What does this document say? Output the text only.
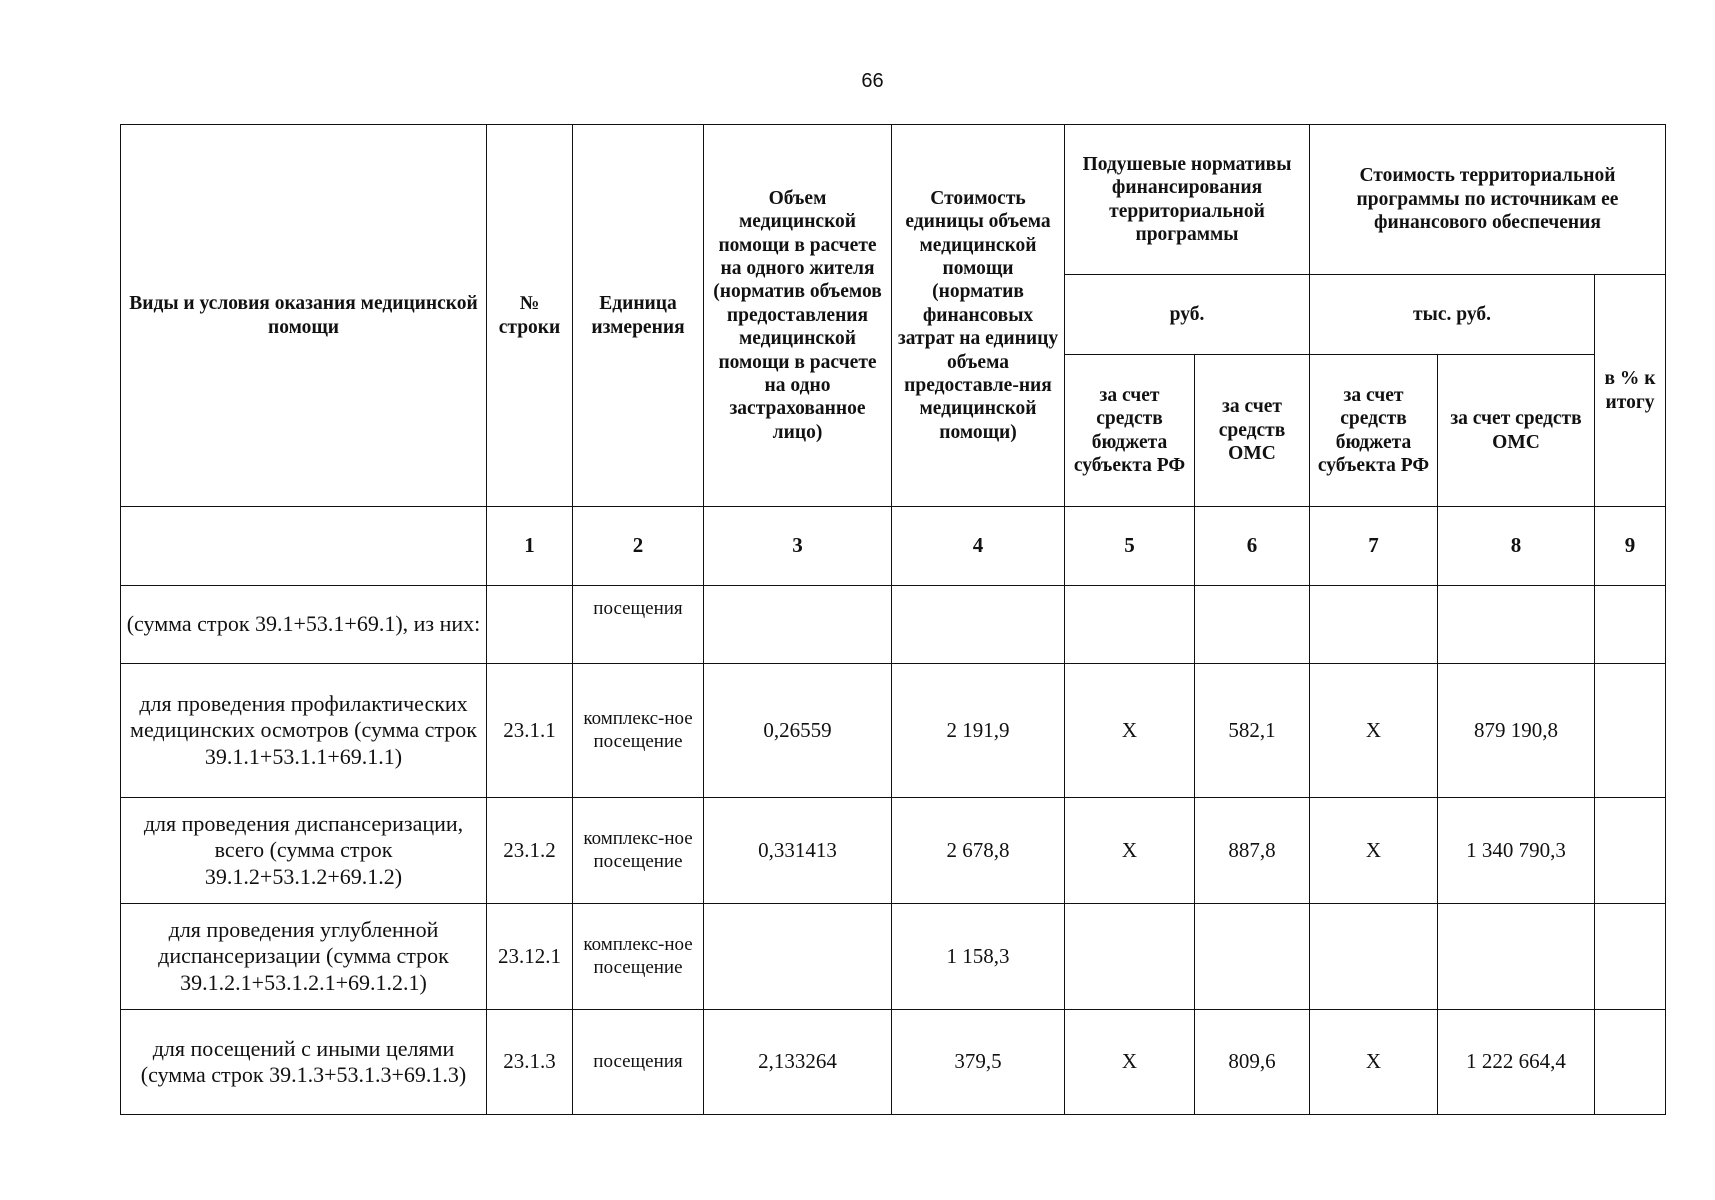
66
Виды и условия оказания медицинской помощи	№ строки	Единица измерения	Объем медицинской помощи в расчете на одного жителя (норматив объемов предоставления медицинской помощи в расчете на одно застрахованное лицо)	Стоимость единицы объема медицинской помощи (норматив финансовых затрат на единицу объема предоставле-ния медицинской помощи)	Подушевые нормативы финансирования территориальной программы		Стоимость территориальной программы по источникам ее финансового обеспечения		
					руб.		тыс. руб.		в % к итогу
					за счет средств бюджета субъекта РФ	за счет средств ОМС	за счет средств бюджета субъекта РФ	за счет средств ОМС	
	1	2	3	4	5	6	7	8	9
(сумма строк 39.1+53.1+69.1), из них:		посещения							
для проведения профилактических медицинских осмотров (сумма строк 39.1.1+53.1.1+69.1.1)	23.1.1	комплекс-ное посещение	0,26559	2 191,9	X	582,1	X	879 190,8	
для проведения диспансеризации, всего (сумма строк 39.1.2+53.1.2+69.1.2)	23.1.2	комплекс-ное посещение	0,331413	2 678,8	X	887,8	X	1 340 790,3	
для проведения углубленной диспансеризации (сумма строк 39.1.2.1+53.1.2.1+69.1.2.1)	23.12.1	комплекс-ное посещение		1 158,3					
для посещений с иными целями (сумма строк 39.1.3+53.1.3+69.1.3)	23.1.3	посещения	2,133264	379,5	X	809,6	X	1 222 664,4	
